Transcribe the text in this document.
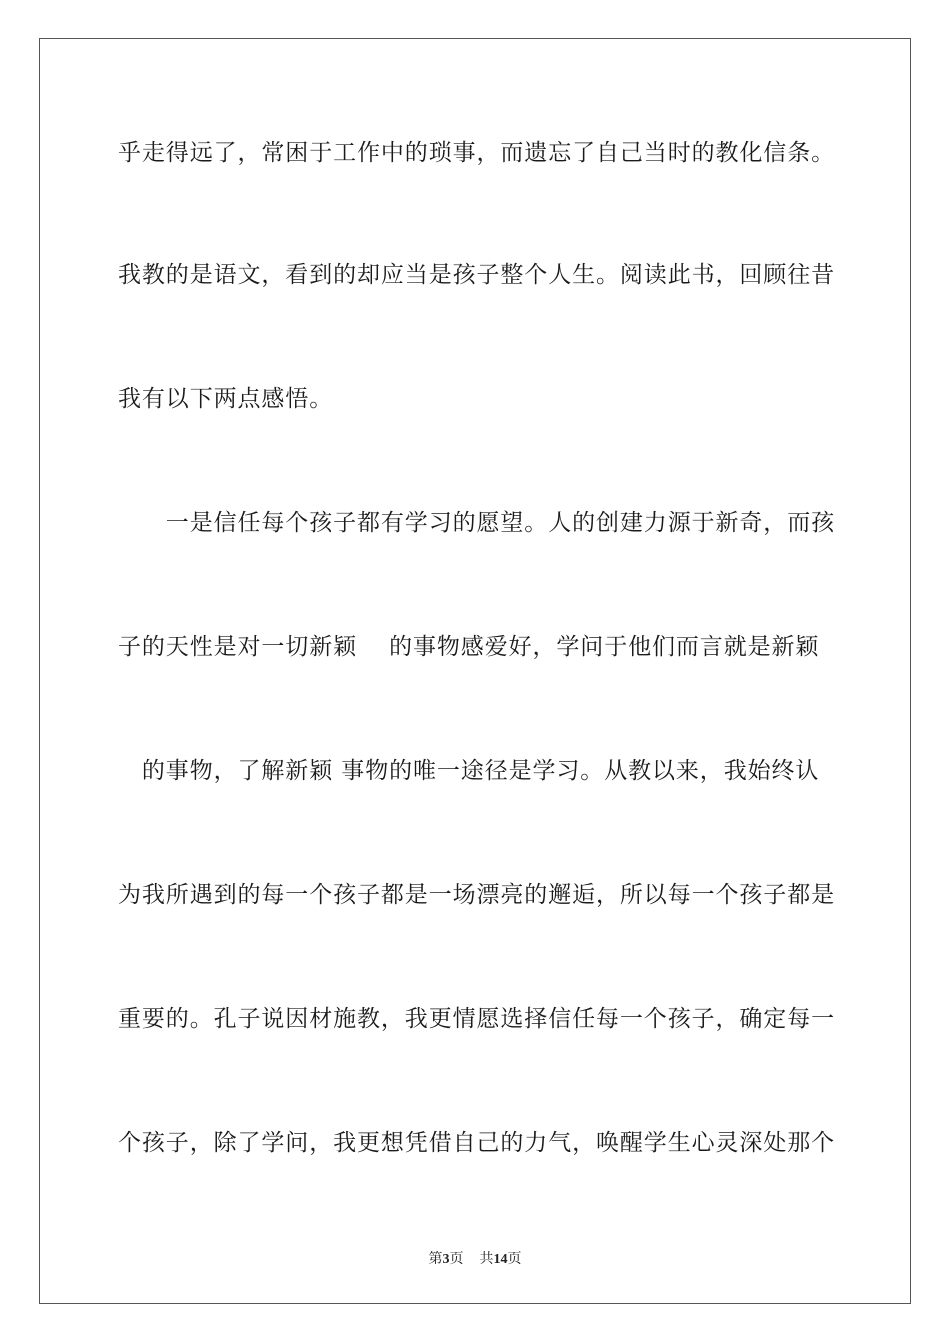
乎走得远了，常困于工作中的琐事，而遗忘了自己当时的教化信条。
我教的是语文，看到的却应当是孩子整个人生。阅读此书，回顾往昔
我有以下两点感悟。
　　一是信任每个孩子都有学习的愿望。人的创建力源于新奇，而孩
子的天性是对一切新颖　 的事物感爱好，学问于他们而言就是新颖
　的事物，了解新颖 事物的唯一途径是学习。从教以来，我始终认
为我所遇到的每一个孩子都是一场漂亮的邂逅，所以每一个孩子都是
重要的。孔子说因材施教，我更情愿选择信任每一个孩子，确定每一
个孩子，除了学问，我更想凭借自己的力气，唤醒学生心灵深处那个
第3页 共14页
